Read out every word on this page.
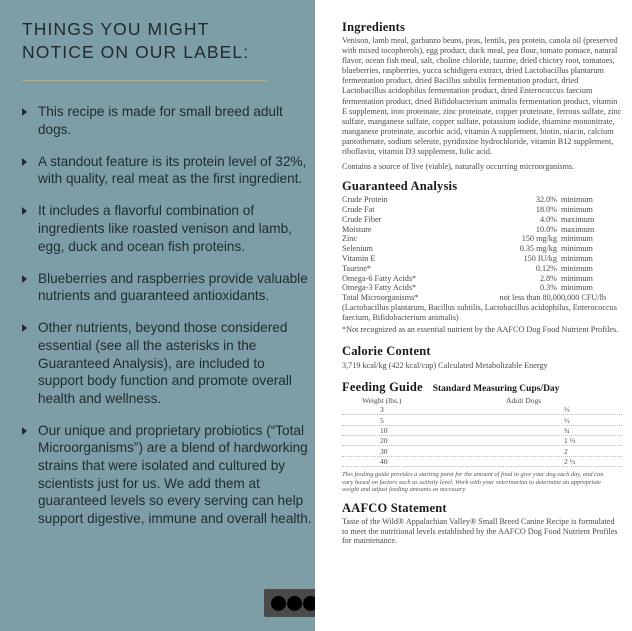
THINGS YOU MIGHT NOTICE ON OUR LABEL:
This recipe is made for small breed adult dogs.
A standout feature is its protein level of 32%, with quality, real meat as the first ingredient.
It includes a flavorful combination of ingredients like roasted venison and lamb, egg, duck and ocean fish proteins.
Blueberries and raspberries provide valuable nutrients and guaranteed antioxidants.
Other nutrients, beyond those considered essential (see all the asterisks in the Guaranteed Analysis), are included to support body function and promote overall health and wellness.
Our unique and proprietary probiotics (“Total Microorganisms”) are a blend of hardworking strains that were isolated and cultured by scientists just for us. We add them at guaranteed levels so every serving can help support digestive, immune and overall health.
Ingredients

Venison, lamb meal, garbanzo beans, peas, lentils, pea protein, canola oil (preserved with mixed tocopherols), egg product, duck meal, pea flour, tomato pomace, natural flavor, ocean fish meal, salt, choline chloride, taurine, dried chicory root, tomatoes, blueberries, raspberries, yucca schidigera extract, dried Lactobacillus plantarum fermentation product, dried Bacillus subtilis fermentation product, dried Lactobacillus acidophilus fermentation product, dried Enterococcus faecium fermentation product, dried Bifidobacterium animalis fermentation product, vitamin E supplement, iron proteinate, zinc proteinate, copper proteinate, ferrous sulfate, zinc sulfate, manganese sulfate, copper sulfate, potassium iodide, thiamine mononitrate, manganese proteinate, ascorbic acid, vitamin A supplement, biotin, niacin, calcium pantothenate, sodium selenite, pyridoxine hydrochloride, vitamin B12 supplement, riboflavin, vitamin D3 supplement, folic acid.

Contains a source of live (viable), naturally occurring microorganisms.

Guaranteed Analysis
Crude Protein	32.0%	minimum
Crude Fat	18.0%	minimum
Crude Fiber	4.0%	maximum
Moisture	10.0%	maximum
Zinc	150 mg/kg	minimum
Selenium	0.35 mg/kg	minimum
Vitamin E	150 IU/kg	minimum
Taurine*	0.12%	minimum
Omega-6 Fatty Acids*	2.8%	minimum
Omega-3 Fatty Acids*	0.3%	minimum
Total Microorganisms*	not less than 80,000,000 CFU/lb

(Lactobacillus plantarum, Bacillus subtilis, Lactobacillus acidophilus, Enterococcus faecium, Bifidobacterium animalis)

*Not recognized as an essential nutrient by the AAFCO Dog Food Nutrient Profiles.

Calorie Content

3,719 kcal/kg (422 kcal/cup) Calculated Metabolizable Energy

Feeding Guide Standard Measuring Cups/Day
Weight (lbs.)	Adult Dogs
3	⅓
5	½
10	¾
20	1 ⅓
30	2
40	2 ½

This feeding guide provides a starting point for the amount of food to give your dog each day, and can vary based on factors such as activity level. Work with your veterinarian to determine an appropriate weight and adjust feeding amounts as necessary.

AAFCO Statement

Taste of the Wild® Appalachian Valley® Small Breed Canine Recipe is formulated to meet the nutritional levels established by the AAFCO Dog Food Nutrient Profiles for maintenance.
